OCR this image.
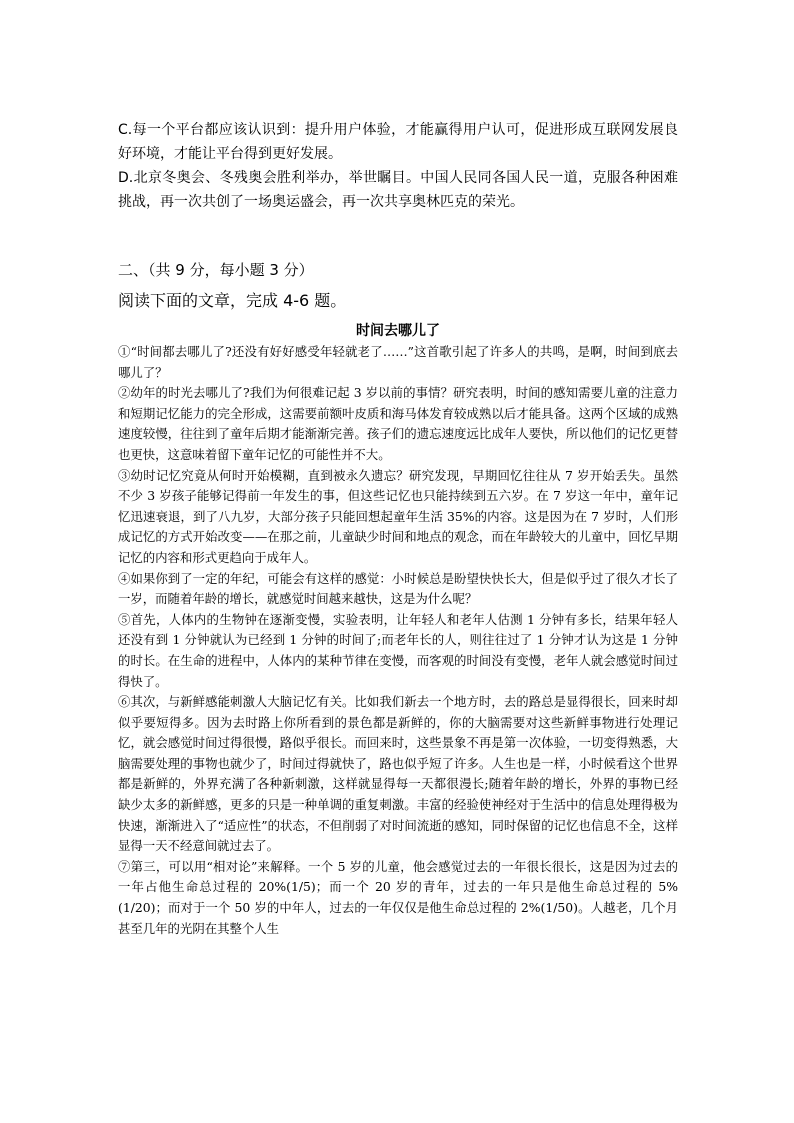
C.每一个平台都应该认识到：提升用户体验，才能赢得用户认可，促进形成互联网发展良好环境，才能让平台得到更好发展。

D.北京冬奥会、冬残奥会胜利举办，举世瞩目。中国人民同各国人民一道，克服各种困难挑战，再一次共创了一场奥运盛会，再一次共享奥林匹克的荣光。

二、（共 9 分，每小题 3 分）

阅读下面的文章，完成 4-6 题。

时间去哪儿了

①“时间都去哪儿了?还没有好好感受年轻就老了……”这首歌引起了许多人的共鸣，是啊，时间到底去哪儿了？

②幼年的时光去哪儿了?我们为何很难记起 3 岁以前的事情？研究表明，时间的感知需要儿童的注意力和短期记忆能力的完全形成，这需要前额叶皮质和海马体发育较成熟以后才能具备。这两个区域的成熟速度较慢，往往到了童年后期才能渐渐完善。孩子们的遗忘速度远比成年人要快，所以他们的记忆更替也更快，这意味着留下童年记忆的可能性并不大。

③幼时记忆究竟从何时开始模糊，直到被永久遗忘？研究发现，早期回忆往往从 7 岁开始丢失。虽然不少 3 岁孩子能够记得前一年发生的事，但这些记忆也只能持续到五六岁。在 7 岁这一年中，童年记忆迅速衰退，到了八九岁，大部分孩子只能回想起童年生活 35%的内容。这是因为在 7 岁时，人们形成记忆的方式开始改变——在那之前，儿童缺少时间和地点的观念，而在年龄较大的儿童中，回忆早期记忆的内容和形式更趋向于成年人。

④如果你到了一定的年纪，可能会有这样的感觉：小时候总是盼望快快长大，但是似乎过了很久才长了一岁，而随着年龄的增长，就感觉时间越来越快，这是为什么呢？

⑤首先，人体内的生物钟在逐渐变慢，实验表明，让年轻人和老年人估测 1 分钟有多长，结果年轻人还没有到 1 分钟就认为已经到 1 分钟的时间了;而老年长的人，则往往过了 1 分钟才认为这是 1 分钟的时长。在生命的进程中，人体内的某种节律在变慢，而客观的时间没有变慢，老年人就会感觉时间过得快了。

⑥其次，与新鲜感能刺激人大脑记忆有关。比如我们新去一个地方时，去的路总是显得很长，回来时却似乎要短得多。因为去时路上你所看到的景色都是新鲜的，你的大脑需要对这些新鲜事物进行处理记忆，就会感觉时间过得很慢，路似乎很长。而回来时，这些景象不再是第一次体验，一切变得熟悉，大脑需要处理的事物也就少了，时间过得就快了，路也似乎短了许多。人生也是一样，小时候看这个世界都是新鲜的，外界充满了各种新刺激，这样就显得每一天都很漫长;随着年龄的增长，外界的事物已经缺少太多的新鲜感，更多的只是一种单调的重复刺激。丰富的经验使神经对于生活中的信息处理得极为快速，渐渐进入了“适应性”的状态，不但削弱了对时间流逝的感知，同时保留的记忆也信息不全，这样显得一天不经意间就过去了。

⑦第三，可以用“相对论”来解释。一个 5 岁的儿童，他会感觉过去的一年很长很长，这是因为过去的一年占他生命总过程的 20%(1/5)；而一个 20 岁的青年，过去的一年只是他生命总过程的 5%(1/20)；而对于一个 50 岁的中年人，过去的一年仅仅是他生命总过程的 2%(1/50)。人越老，几个月甚至几年的光阴在其整个人生
